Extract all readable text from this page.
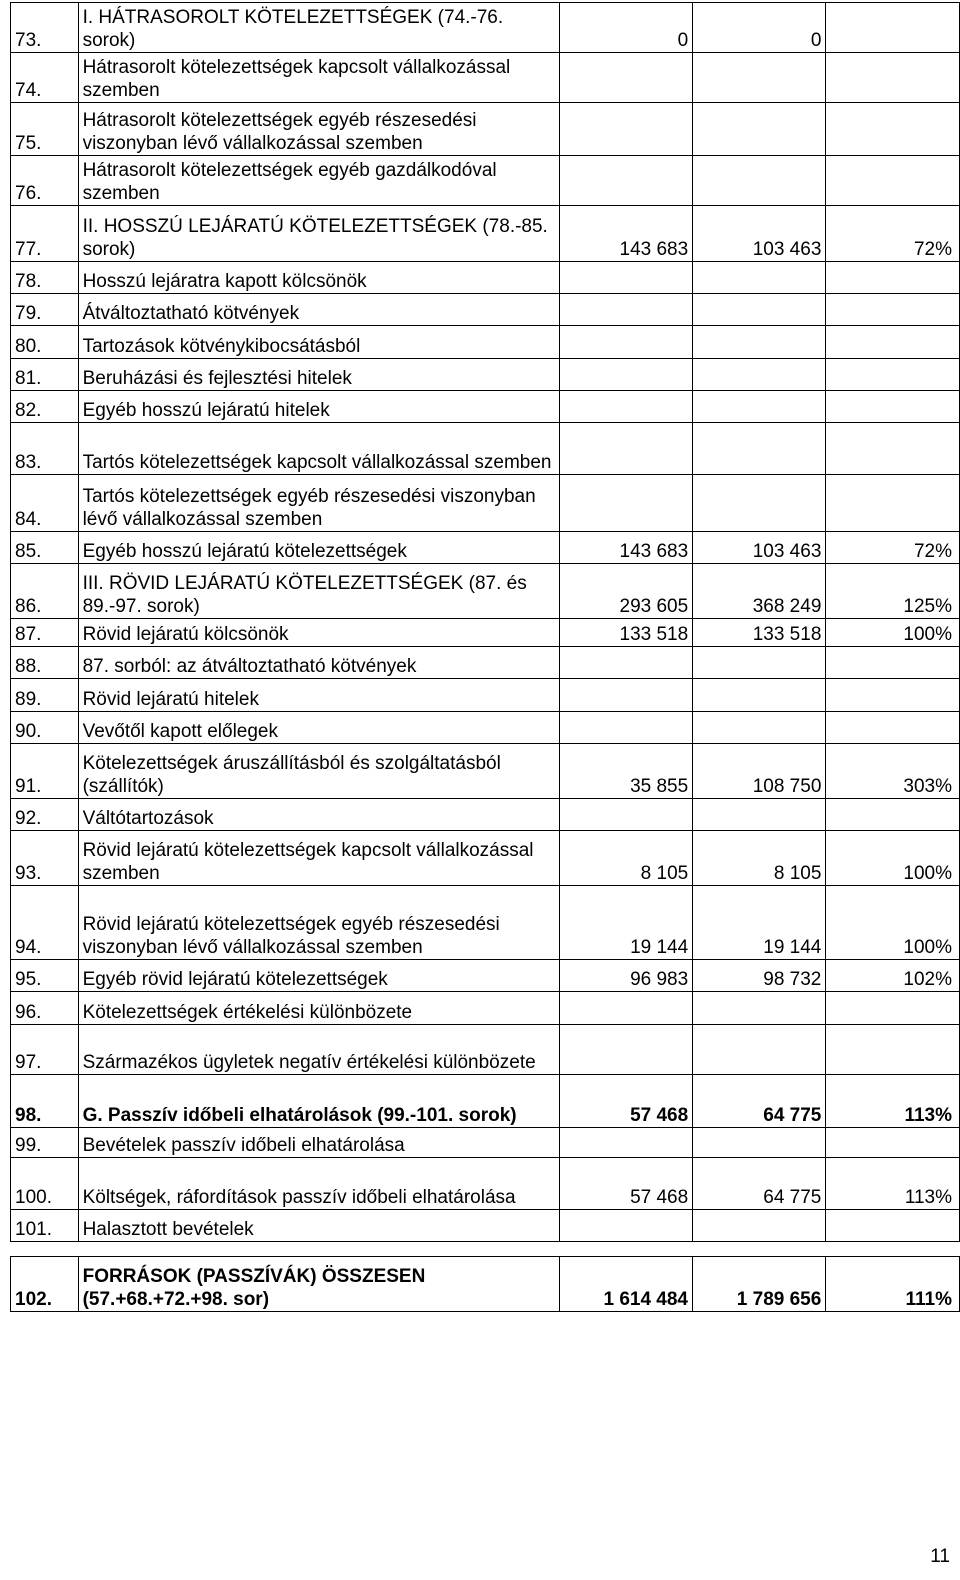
73.	I. HÁTRASOROLT KÖTELEZETTSÉGEK (74.-76. sorok)	0	0	
74.	Hátrasorolt kötelezettségek kapcsolt vállalkozással szemben			
75.	Hátrasorolt kötelezettségek egyéb részesedési viszonyban lévő vállalkozással szemben			
76.	Hátrasorolt kötelezettségek egyéb gazdálkodóval szemben			
77.	II. HOSSZÚ LEJÁRATÚ KÖTELEZETTSÉGEK (78.-85. sorok)	143 683	103 463	72%
78.	Hosszú lejáratra kapott kölcsönök			
79.	Átváltoztatható kötvények			
80.	Tartozások kötvénykibocsátásból			
81.	Beruházási és fejlesztési hitelek			
82.	Egyéb hosszú lejáratú hitelek			
83.	Tartós kötelezettségek kapcsolt vállalkozással szemben			
84.	Tartós kötelezettségek egyéb részesedési viszonyban lévő vállalkozással szemben			
85.	Egyéb hosszú lejáratú kötelezettségek	143 683	103 463	72%
86.	III. RÖVID LEJÁRATÚ KÖTELEZETTSÉGEK (87. és 89.-97. sorok)	293 605	368 249	125%
87.	Rövid lejáratú kölcsönök	133 518	133 518	100%
88.	87. sorból: az átváltoztatható kötvények			
89.	Rövid lejáratú hitelek			
90.	Vevőtől kapott előlegek			
91.	Kötelezettségek áruszállításból és szolgáltatásból (szállítók)	35 855	108 750	303%
92.	Váltótartozások			
93.	Rövid lejáratú kötelezettségek kapcsolt vállalkozással szemben	8 105	8 105	100%
94.	Rövid lejáratú kötelezettségek egyéb részesedési viszonyban lévő vállalkozással szemben	19 144	19 144	100%
95.	Egyéb rövid lejáratú kötelezettségek	96 983	98 732	102%
96.	Kötelezettségek értékelési különbözete			
97.	Származékos ügyletek negatív értékelési különbözete			
98.	G. Passzív időbeli elhatárolások (99.-101. sorok)	57 468	64 775	113%
99.	Bevételek passzív időbeli elhatárolása			
100.	Költségek, ráfordítások passzív időbeli elhatárolása	57 468	64 775	113%
101.	Halasztott bevételek			
102.	FORRÁSOK (PASSZÍVÁK) ÖSSZESEN (57.+68.+72.+98. sor)	1 614 484	1 789 656	111%
11
